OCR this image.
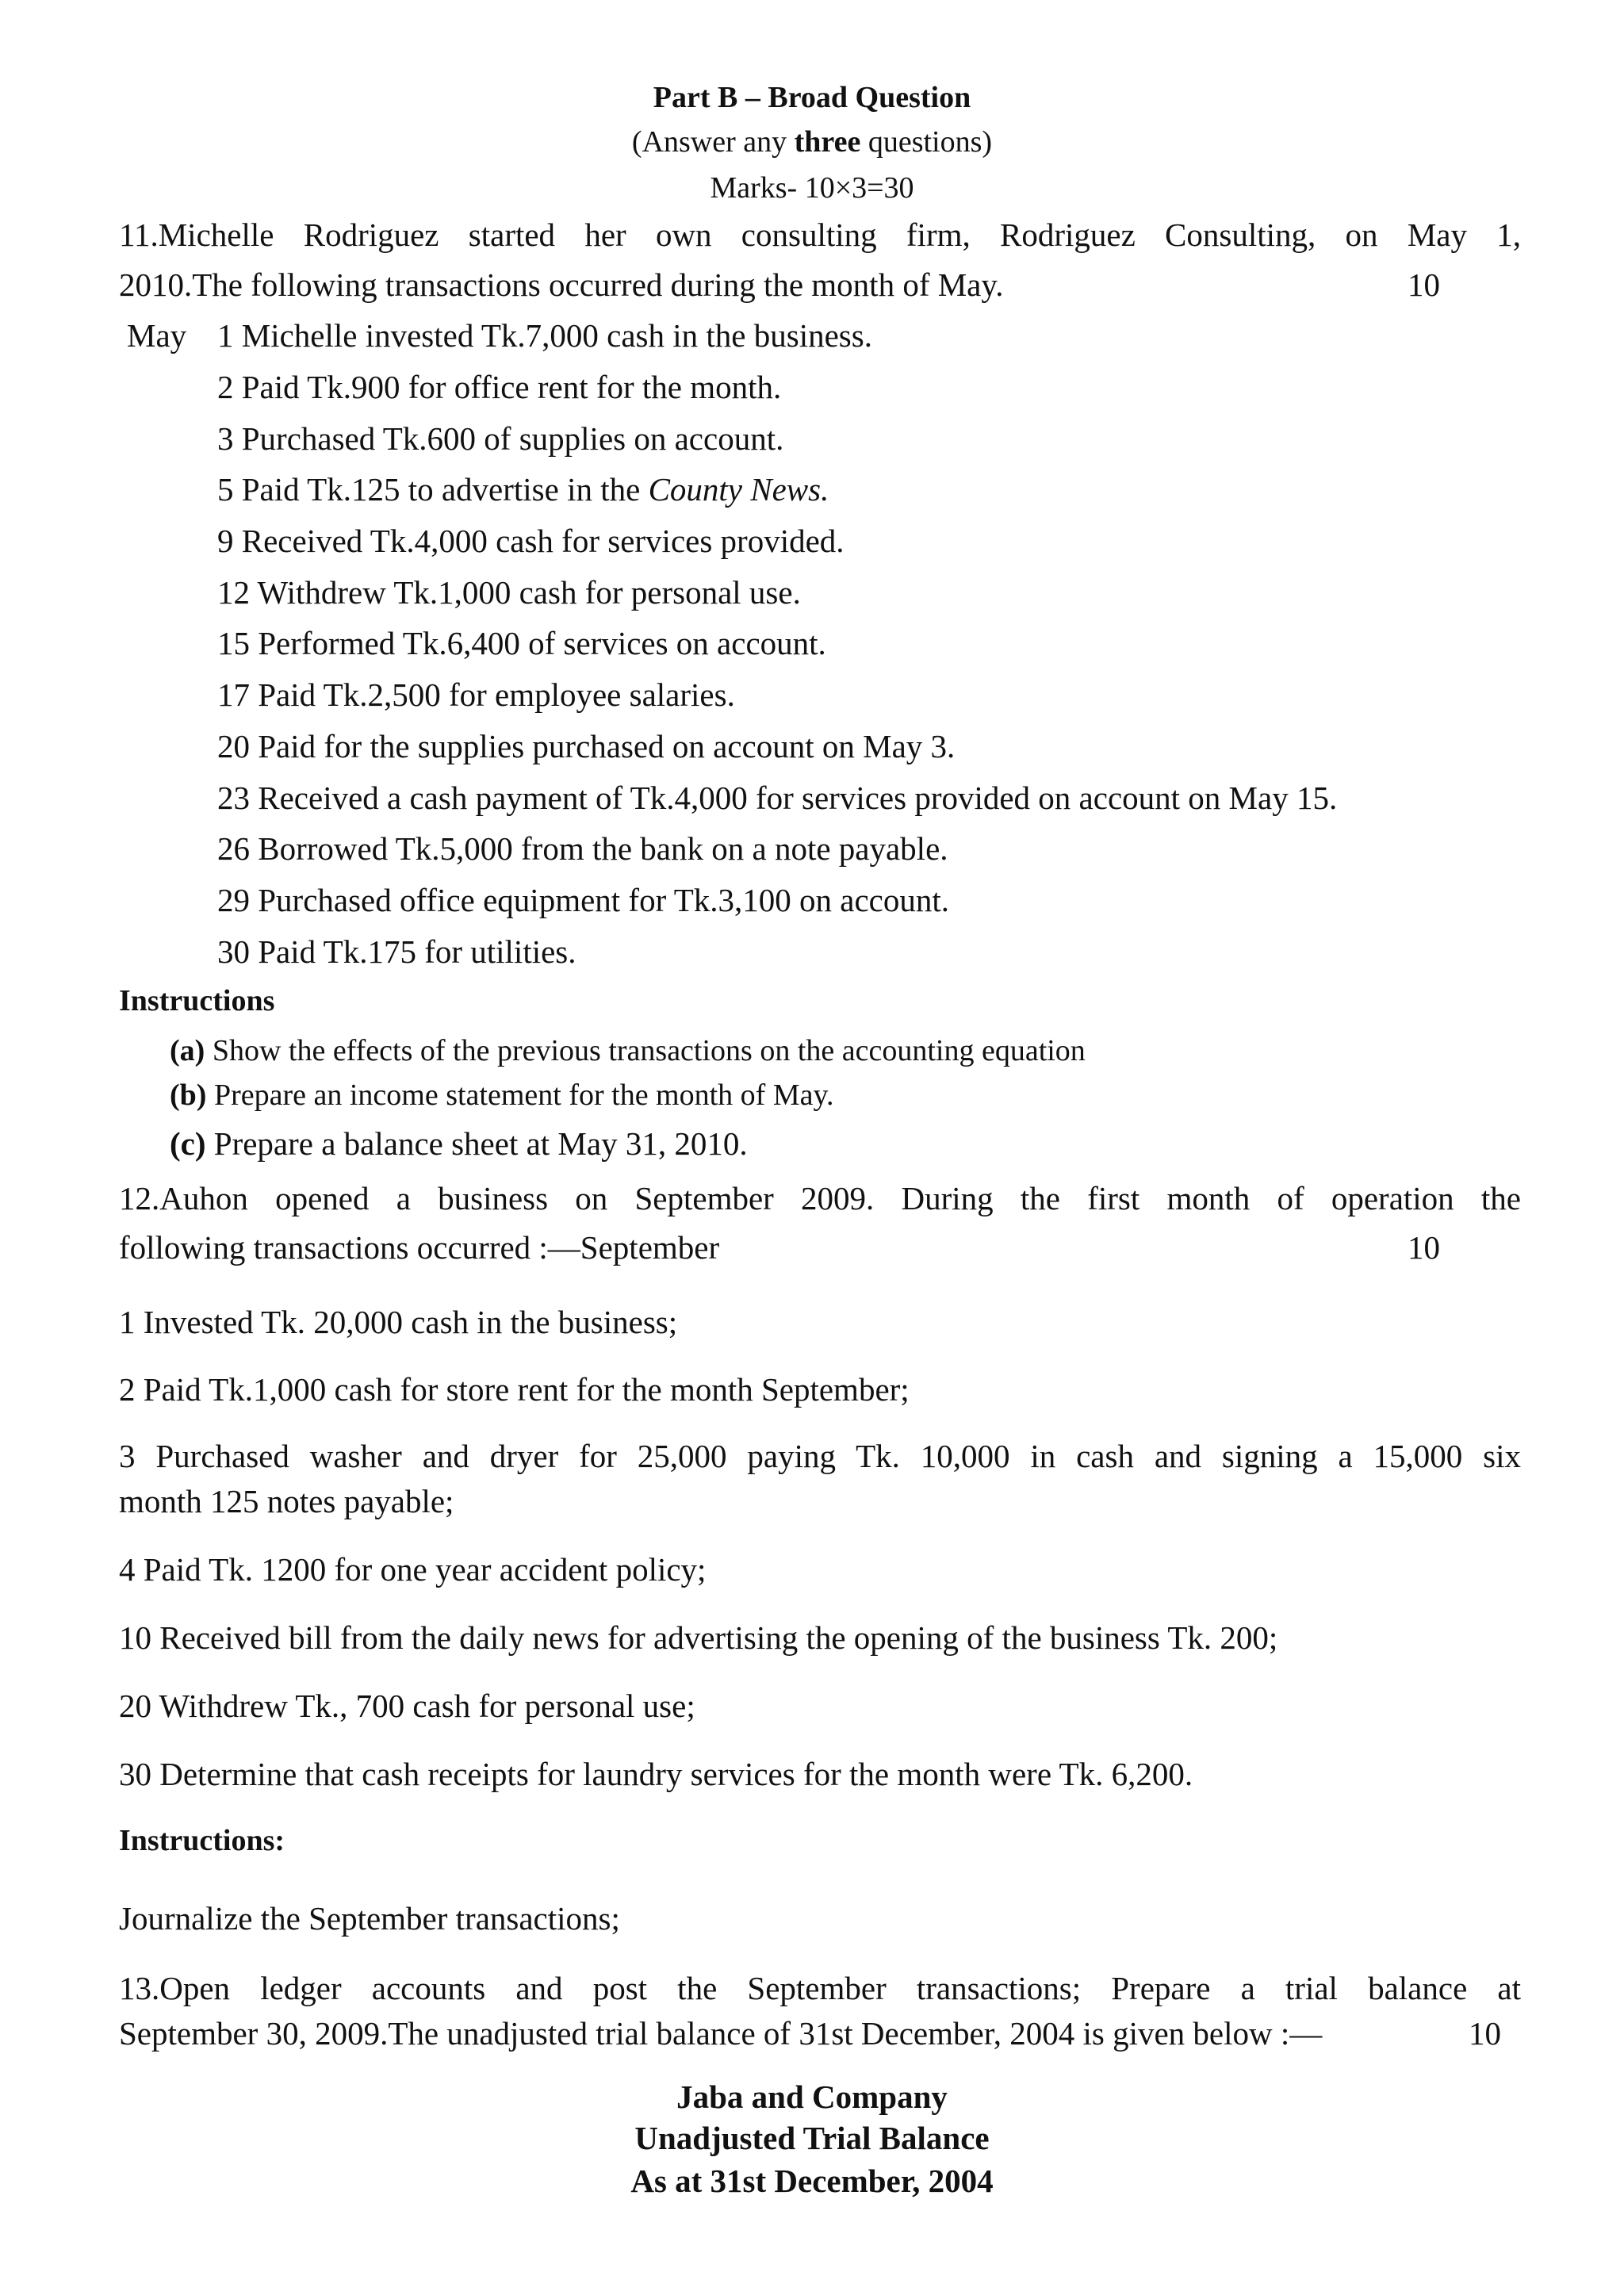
Part B – Broad Question
(Answer any three questions)
Marks- 10×3=30
11.Michelle Rodriguez started her own consulting firm, Rodriguez Consulting, on May 1,
2010.The following transactions occurred during the month of May.	10
May 1 Michelle invested Tk.7,000 cash in the business.
2 Paid Tk.900 for office rent for the month.
3 Purchased Tk.600 of supplies on account.
5 Paid Tk.125 to advertise in the County News.
9 Received Tk.4,000 cash for services provided.
12 Withdrew Tk.1,000 cash for personal use.
15 Performed Tk.6,400 of services on account.
17 Paid Tk.2,500 for employee salaries.
20 Paid for the supplies purchased on account on May 3.
23 Received a cash payment of Tk.4,000 for services provided on account on May 15.
26 Borrowed Tk.5,000 from the bank on a note payable.
29 Purchased office equipment for Tk.3,100 on account.
30 Paid Tk.175 for utilities.
Instructions
(a) Show the effects of the previous transactions on the accounting equation
(b) Prepare an income statement for the month of May.
(c) Prepare a balance sheet at May 31, 2010.
12.Auhon opened a business on September 2009. During the first month of operation the
following transactions occurred :—September	10
1 Invested Tk. 20,000 cash in the business;
2 Paid Tk.1,000 cash for store rent for the month September;
3 Purchased washer and dryer for 25,000 paying Tk. 10,000 in cash and signing a 15,000 six
month 125 notes payable;
4 Paid Tk. 1200 for one year accident policy;
10 Received bill from the daily news for advertising the opening of the business Tk. 200;
20 Withdrew Tk., 700 cash for personal use;
30 Determine that cash receipts for laundry services for the month were Tk. 6,200.
Instructions:
Journalize the September transactions;
13.Open ledger accounts and post the September transactions; Prepare a trial balance at
September 30, 2009.The unadjusted trial balance of 31st December, 2004 is given below :—	10
Jaba and Company
Unadjusted Trial Balance
As at 31st December, 2004
